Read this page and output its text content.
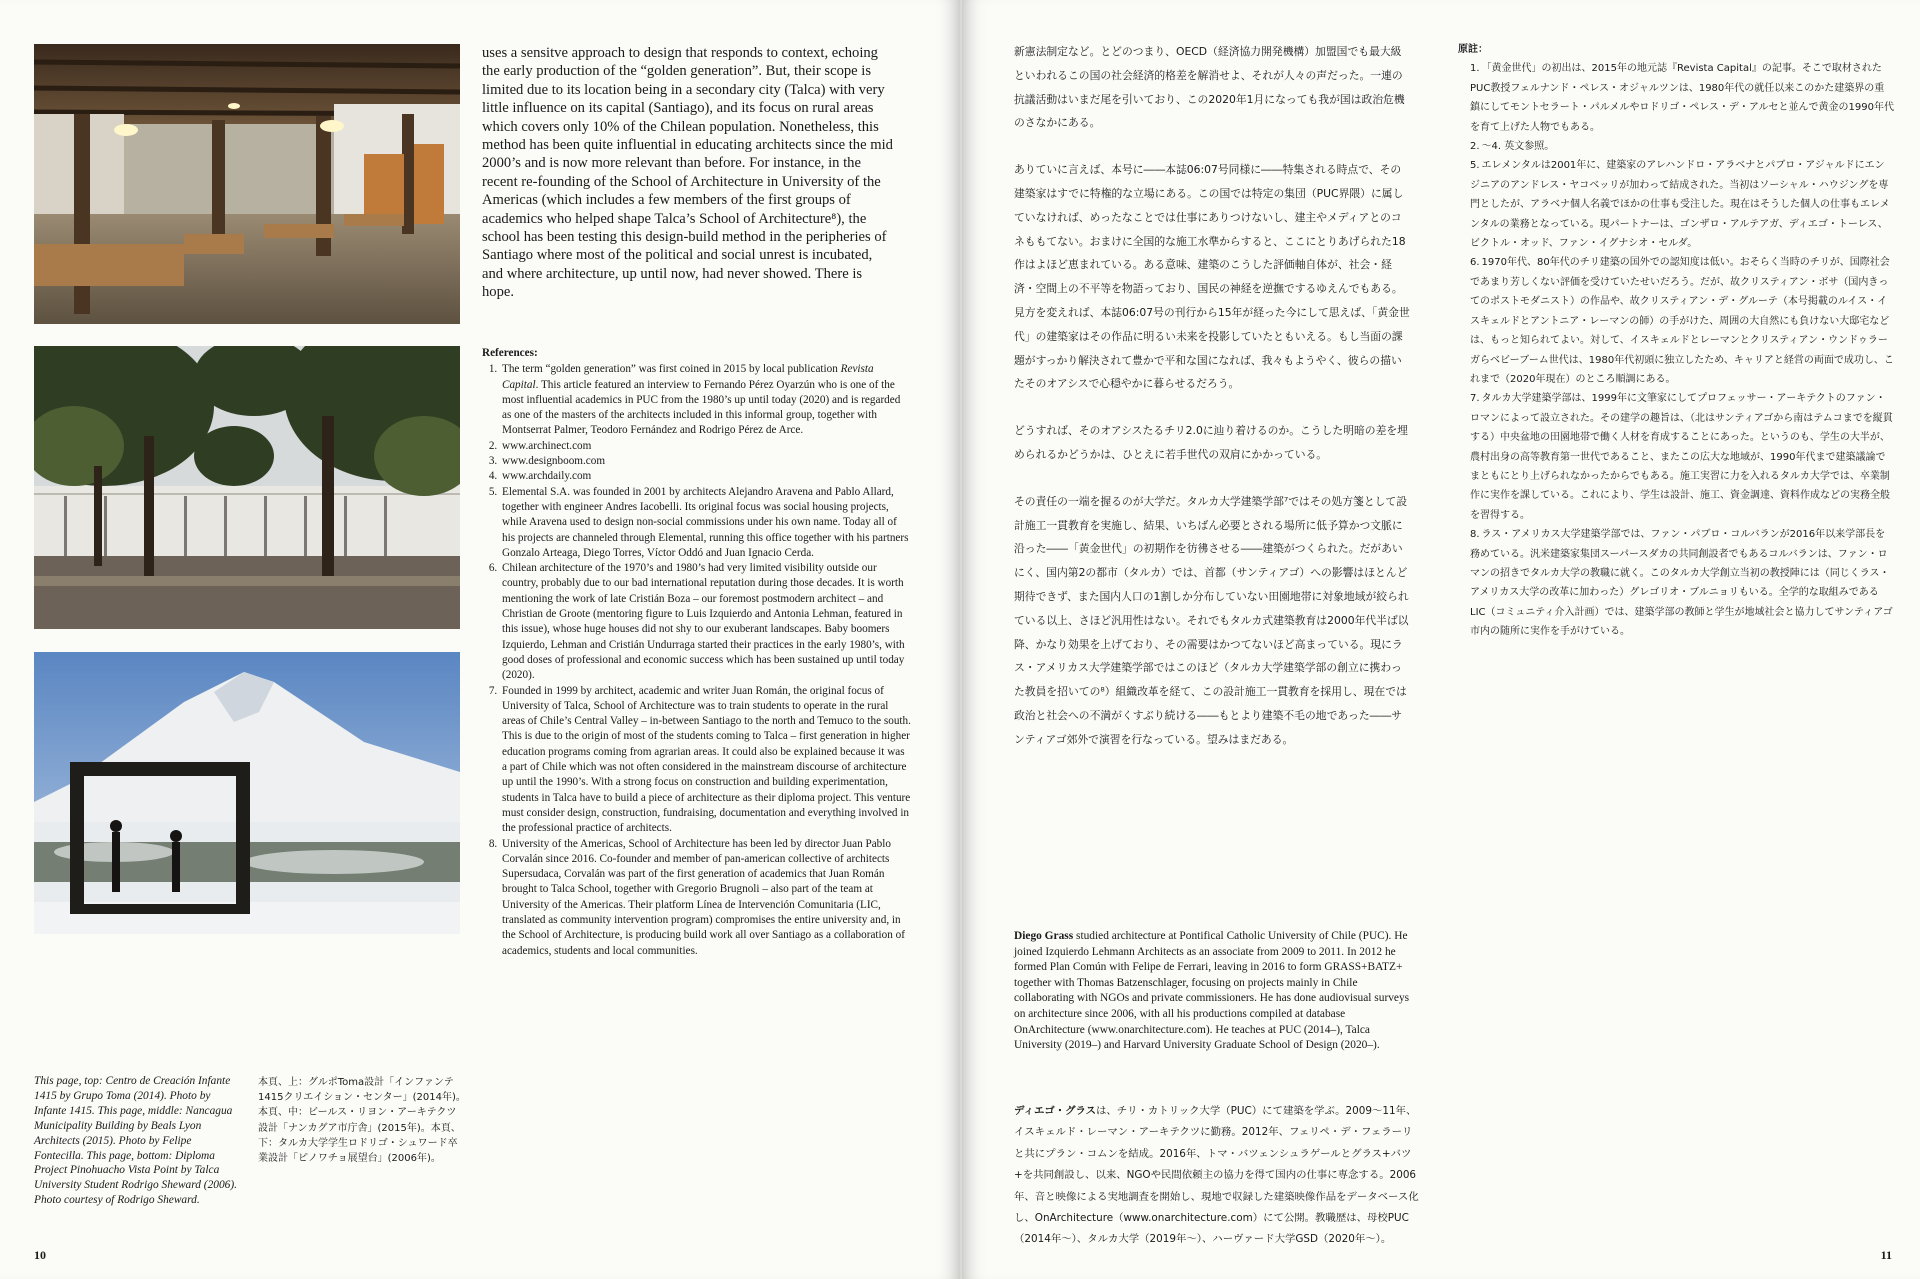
uses a sensitve approach to design that responds to context, echoing the early production of the “golden generation”. But, their scope is limited due to its location being in a secondary city (Talca) with very little influence on its capital (Santiago), and its focus on rural areas which covers only 10% of the Chilean population. Nonetheless, this method has been quite influential in educating architects since the mid 2000’s and is now more relevant than before. For instance, in the recent re-founding of the School of Architecture in University of the Americas (which includes a few members of the first groups of academics who helped shape Talca’s School of Architecture⁸), the school has been testing this design-build method in the peripheries of Santiago where most of the political and social unrest is incubated, and where architecture, up until now, had never showed. There is hope.

References:

1. The term “golden generation” was first coined in 2015 by local publication Revista Capital. This article featured an interview to Fernando Pérez Oyarzún who is one of the most influential academics in PUC from the 1980’s up until today (2020) and is regarded as one of the masters of the architects included in this informal group, together with Montserrat Palmer, Teodoro Fernández and Rodrigo Pérez de Arce.
2. www.archinect.com
3. www.designboom.com
4. www.archdaily.com
5. Elemental S.A. was founded in 2001 by architects Alejandro Aravena and Pablo Allard, together with engineer Andres Iacobelli. Its original focus was social housing projects, while Aravena used to design non-social commissions under his own name. Today all of his projects are channeled through Elemental, running this office together with his partners Gonzalo Arteaga, Diego Torres, Víctor Oddó and Juan Ignacio Cerda.
6. Chilean architecture of the 1970’s and 1980’s had very limited visibility outside our country, probably due to our bad international reputation during those decades. It is worth mentioning the work of late Cristián Boza – our foremost postmodern architect – and Christian de Groote (mentoring figure to Luis Izquierdo and Antonia Lehman, featured in this issue), whose huge houses did not shy to our exuberant landscapes. Baby boomers Izquierdo, Lehman and Cristián Undurraga started their practices in the early 1980’s, with good doses of professional and economic success which has been sustained up until today (2020).
7. Founded in 1999 by architect, academic and writer Juan Román, the original focus of University of Talca, School of Architecture was to train students to operate in the rural areas of Chile’s Central Valley – in-between Santiago to the north and Temuco to the south. This is due to the origin of most of the students coming to Talca – first generation in higher education programs coming from agrarian areas. It could also be explained because it was a part of Chile which was not often considered in the mainstream discourse of architecture up until the 1990’s. With a strong focus on construction and building experimentation, students in Talca have to build a piece of architecture as their diploma project. This venture must consider design, construction, fundraising, documentation and everything involved in the professional practice of architects.
8. University of the Americas, School of Architecture has been led by director Juan Pablo Corvalán since 2016. Co-founder and member of pan-american collective of architects Supersudaca, Corvalán was part of the first generation of academics that Juan Román brought to Talca School, together with Gregorio Brugnoli – also part of the team at University of the Americas. Their platform Línea de Intervención Comunitaria (LIC, translated as community intervention program) compromises the entire university and, in the School of Architecture, is producing build work all over Santiago as a collaboration of academics, students and local communities.

This page, top: Centro de Creación Infante 1415 by Grupo Toma (2014). Photo by Infante 1415. This page, middle: Nancagua Municipality Building by Beals Lyon Architects (2015). Photo by Felipe Fontecilla. This page, bottom: Diploma Project Pinohuacho Vista Point by Talca University Student Rodrigo Sheward (2006). Photo courtesy of Rodrigo Sheward.

本頁、上：グルポToma設計「インファンテ1415クリエイション・センター」(2014年)。本頁、中：ビールス・リヨン・アーキテクツ設計「ナンカグア市庁舎」(2015年)。本頁、下：タルカ大学学生ロドリゴ・シュワード卒業設計「ピノワチョ展望台」(2006年)。

10

新憲法制定など。とどのつまり、OECD（経済協力開発機構）加盟国でも最大級といわれるこの国の社会経済的格差を解消せよ、それが人々の声だった。一連の抗議活動はいまだ尾を引いており、この2020年1月になっても我が国は政治危機のさなかにある。

ありていに言えば、本号に――本誌06:07号同様に――特集される時点で、その建築家はすでに特権的な立場にある。この国では特定の集団（PUC界隈）に属していなければ、めったなことでは仕事にありつけないし、建主やメディアとのコネももてない。おまけに全国的な施工水準からすると、ここにとりあげられた18作はよほど恵まれている。ある意味、建築のこうした評価軸自体が、社会・経済・空間上の不平等を物語っており、国民の神経を逆撫でするゆえんでもある。

見方を変えれば、本誌06:07号の刊行から15年が経った今にして思えば、「黄金世代」の建築家はその作品に明るい未来を投影していたともいえる。もし当面の課題がすっかり解決されて豊かで平和な国になれば、我々もようやく、彼らの描いたそのオアシスで心穏やかに暮らせるだろう。

どうすれば、そのオアシスたるチリ2.0に辿り着けるのか。こうした明暗の差を埋められるかどうかは、ひとえに若手世代の双肩にかかっている。

その責任の一端を握るのが大学だ。タルカ大学建築学部⁷ではその処方箋として設計施工一貫教育を実施し、結果、いちばん必要とされる場所に低予算かつ文脈に沿った――「黄金世代」の初期作を彷彿させる――建築がつくられた。だがあいにく、国内第2の都市（タルカ）では、首都（サンティアゴ）への影響はほとんど期待できず、また国内人口の1割しか分布していない田園地帯に対象地域が絞られている以上、さほど汎用性はない。それでもタルカ式建築教育は2000年代半ば以降、かなり効果を上げており、その需要はかつてないほど高まっている。現にラス・アメリカス大学建築学部ではこのほど（タルカ大学建築学部の創立に携わった教員を招いての⁸）組織改革を経て、この設計施工一貫教育を採用し、現在では政治と社会への不満がくすぶり続ける――もとより建築不毛の地であった――サンティアゴ郊外で演習を行なっている。望みはまだある。

原註：

1. 「黄金世代」の初出は、2015年の地元誌『Revista Capital』の記事。そこで取材されたPUC教授フェルナンド・ペレス・オジャルツンは、1980年代の就任以来このかた建築界の重鎮にしてモントセラート・パルメルやロドリゴ・ペレス・デ・アルセと並んで黄金の1990年代を育て上げた人物でもある。
2. ～4. 英文参照。
5. エレメンタルは2001年に、建築家のアレハンドロ・アラベナとパブロ・アジャルドにエンジニアのアンドレス・ヤコベッリが加わって結成された。当初はソーシャル・ハウジングを専門としたが、アラベナ個人名義でほかの仕事も受注した。現在はそうした個人の仕事もエレメンタルの業務となっている。現パートナーは、ゴンザロ・アルテアガ、ディエゴ・トーレス、ビクトル・オッド、ファン・イグナシオ・セルダ。
6. 1970年代、80年代のチリ建築の国外での認知度は低い。おそらく当時のチリが、国際社会であまり芳しくない評価を受けていたせいだろう。だが、故クリスティアン・ボサ（国内きってのポストモダニスト）の作品や、故クリスティアン・デ・グルーテ（本号掲載のルイス・イスキェルドとアントニア・レーマンの師）の手がけた、周囲の大自然にも負けない大邸宅などは、もっと知られてよい。対して、イスキェルドとレーマンとクリスティアン・ウンドゥラーガらベビーブーム世代は、1980年代初頭に独立したため、キャリアと経営の両面で成功し、これまで（2020年現在）のところ順調にある。
7. タルカ大学建築学部は、1999年に文筆家にしてプロフェッサー・アーキテクトのファン・ロマンによって設立された。その建学の趣旨は、（北はサンティアゴから南はテムコまでを縦貫する）中央盆地の田園地帯で働く人材を育成することにあった。というのも、学生の大半が、農村出身の高等教育第一世代であること、またこの広大な地域が、1990年代まで建築議論でまともにとり上げられなかったからでもある。施工実習に力を入れるタルカ大学では、卒業制作に実作を課している。これにより、学生は設計、施工、資金調達、資料作成などの実務全般を習得する。
8. ラス・アメリカス大学建築学部では、ファン・パブロ・コルバランが2016年以来学部長を務めている。汎米建築家集団スーパースダカの共同創設者でもあるコルバランは、ファン・ロマンの招きでタルカ大学の教職に就く。このタルカ大学創立当初の教授陣には（同じくラス・アメリカス大学の改革に加わった）グレゴリオ・ブルニョリもいる。全学的な取組みであるLIC（コミュニティ介入計画）では、建築学部の教師と学生が地域社会と協力してサンティアゴ市内の随所に実作を手がけている。

Diego Grass studied architecture at Pontifical Catholic University of Chile (PUC). He joined Izquierdo Lehmann Architects as an associate from 2009 to 2011. In 2012 he formed Plan Común with Felipe de Ferrari, leaving in 2016 to form GRASS+BATZ+ together with Thomas Batzenschlager, focusing on projects mainly in Chile collaborating with NGOs and private commissioners. He has done audiovisual surveys on architecture since 2006, with all his productions compiled at database OnArchitecture (www.onarchitecture.com). He teaches at PUC (2014–), Talca University (2019–) and Harvard University Graduate School of Design (2020–).

ディエゴ・グラスは、チリ・カトリック大学（PUC）にて建築を学ぶ。2009～11年、イスキェルド・レーマン・アーキテクツに勤務。2012年、フェリペ・デ・フェラーリと共にプラン・コムンを結成。2016年、トマ・バツェンシュラゲールとグラス+バツ+を共同創設し、以来、NGOや民間依頼主の協力を得て国内の仕事に専念する。2006年、音と映像による実地調査を開始し、現地で収録した建築映像作品をデータベース化し、OnArchitecture（www.onarchitecture.com）にて公開。教職歴は、母校PUC（2014年～）、タルカ大学（2019年～）、ハーヴァード大学GSD（2020年～）。

11
